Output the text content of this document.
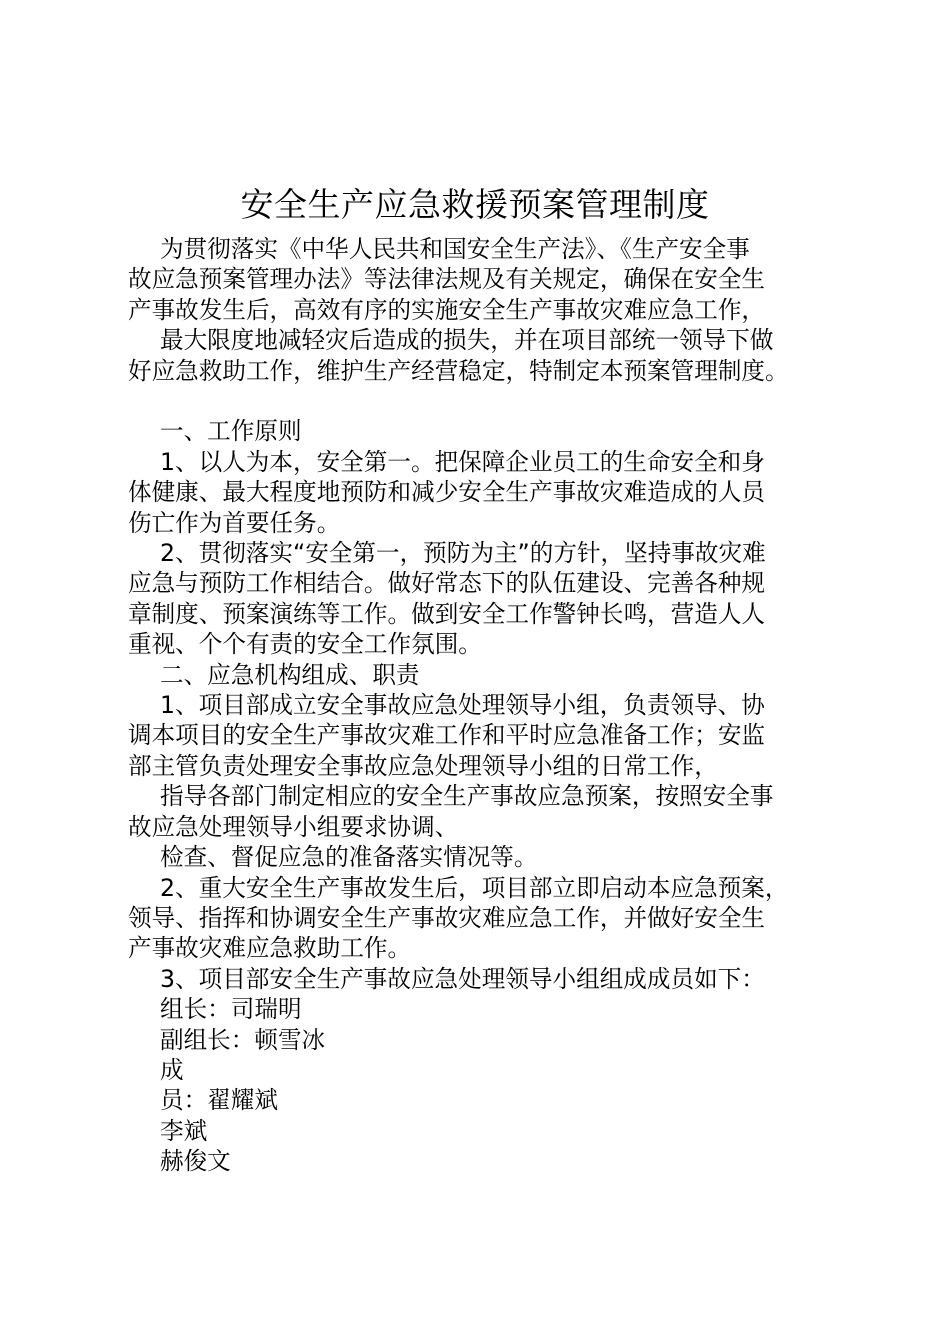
安全生产应急救援预案管理制度

为贯彻落实《中华人民共和国安全生产法》、《生产安全事

故应急预案管理办法》等法律法规及有关规定，确保在安全生

产事故发生后，高效有序的实施安全生产事故灾难应急工作，

最大限度地减轻灾后造成的损失，并在项目部统一领导下做

好应急救助工作，维护生产经营稳定，特制定本预案管理制度。

一、工作原则

1、以人为本，安全第一。把保障企业员工的生命安全和身

体健康、最大程度地预防和减少安全生产事故灾难造成的人员

伤亡作为首要任务。

2、贯彻落实“安全第一，预防为主”的方针，坚持事故灾难

应急与预防工作相结合。做好常态下的队伍建设、完善各种规

章制度、预案演练等工作。做到安全工作警钟长鸣，营造人人

重视、个个有责的安全工作氛围。

二、应急机构组成、职责

1、项目部成立安全事故应急处理领导小组，负责领导、协

调本项目的安全生产事故灾难工作和平时应急准备工作；安监

部主管负责处理安全事故应急处理领导小组的日常工作，

指导各部门制定相应的安全生产事故应急预案，按照安全事

故应急处理领导小组要求协调、

检查、督促应急的准备落实情况等。

2、重大安全生产事故发生后，项目部立即启动本应急预案，

领导、指挥和协调安全生产事故灾难应急工作，并做好安全生

产事故灾难应急救助工作。

3、项目部安全生产事故应急处理领导小组组成成员如下：

组长：司瑞明

副组长：顿雪冰

成

员：翟耀斌

李斌

赫俊文
